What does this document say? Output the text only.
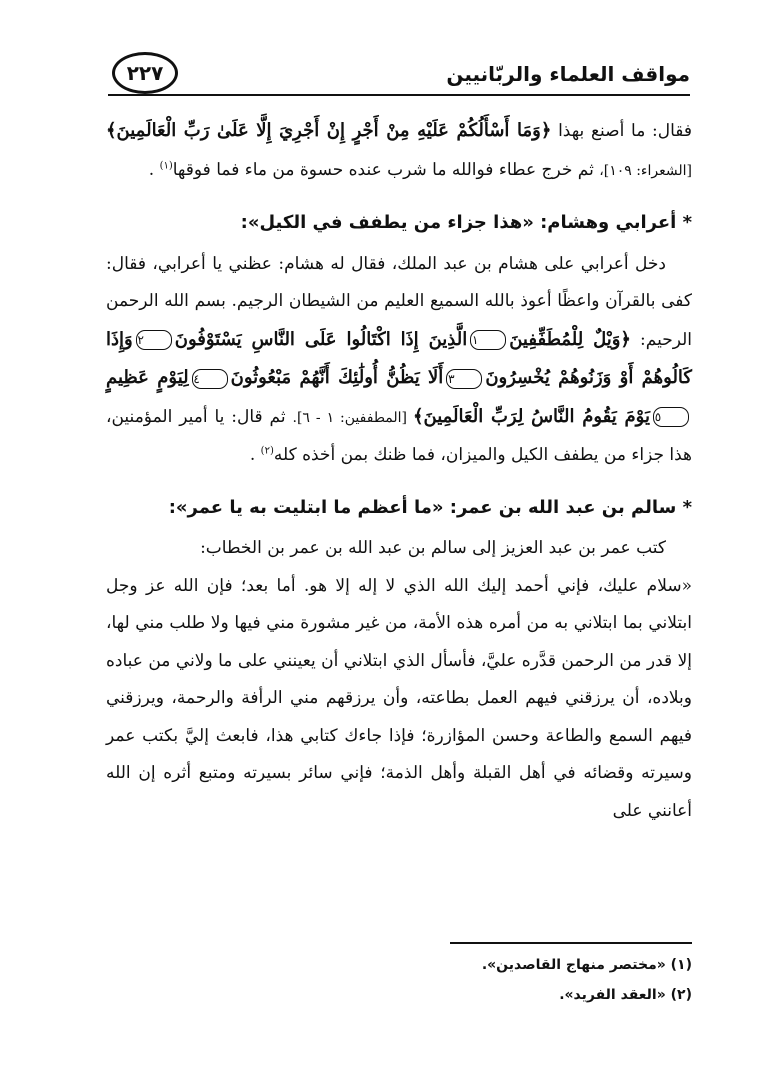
٢٢٧	مواقف العلماء والربّانيين

فقال: ما أصنع بهذا ﴿وَمَا أَسْأَلُكُمْ عَلَيْهِ مِنْ أَجْرٍ إِنْ أَجْرِيَ إِلَّا عَلَىٰ رَبِّ الْعَالَمِينَ﴾ [الشعراء: ١٠٩]، ثم خرج عطاء فوالله ما شرب عنده حسوة من ماء فما فوقها$^{(١)}$ .

* أعرابي وهشام: «هذا جزاء من يطفف في الكيل»:

دخل أعرابي على هشام بن عبد الملك، فقال له هشام: عظني يا أعرابي، فقال: كفى بالقرآن واعظًا أعوذ بالله السميع العليم من الشيطان الرجيم. بسم الله الرحمن الرحيم: ﴿وَيْلٌ لِلْمُطَفِّفِينَ١الَّذِينَ إِذَا اكْتَالُوا عَلَى النَّاسِ يَسْتَوْفُونَ٢وَإِذَا كَالُوهُمْ أَوْ وَزَنُوهُمْ يُخْسِرُونَ٣أَلَا يَظُنُّ أُولَٰئِكَ أَنَّهُمْ مَبْعُوثُونَ٤لِيَوْمٍ عَظِيمٍ٥يَوْمَ يَقُومُ النَّاسُ لِرَبِّ الْعَالَمِينَ﴾ [المطففين: ١ - ٦]. ثم قال: يا أمير المؤمنين، هذا جزاء من يطفف الكيل والميزان، فما ظنك بمن أخذه كله$^{(٢)}$ .

* سالم بن عبد الله بن عمر: «ما أعظم ما ابتليت به يا عمر»:

كتب عمر بن عبد العزيز إلى سالم بن عبد الله بن عمر بن الخطاب:

«سلام عليك، فإني أحمد إليك الله الذي لا إله إلا هو. أما بعد؛ فإن الله عز وجل ابتلاني بما ابتلاني به من أمره هذه الأمة، من غير مشورة مني فيها ولا طلب مني لها، إلا قدر من الرحمن قدَّره عليَّ، فأسأل الذي ابتلاني أن يعينني على ما ولاني من عباده وبلاده، أن يرزقني فيهم العمل بطاعته، وأن يرزقهم مني الرأفة والرحمة، ويرزقني فيهم السمع والطاعة وحسن المؤازرة؛ فإذا جاءك كتابي هذا، فابعث إليَّ بكتب عمر وسيرته وقضائه في أهل القبلة وأهل الذمة؛ فإني سائر بسيرته ومتبع أثره إن الله أعانني على

(١) «مختصر منهاج القاصدين».

(٢) «العقد الفريد».
